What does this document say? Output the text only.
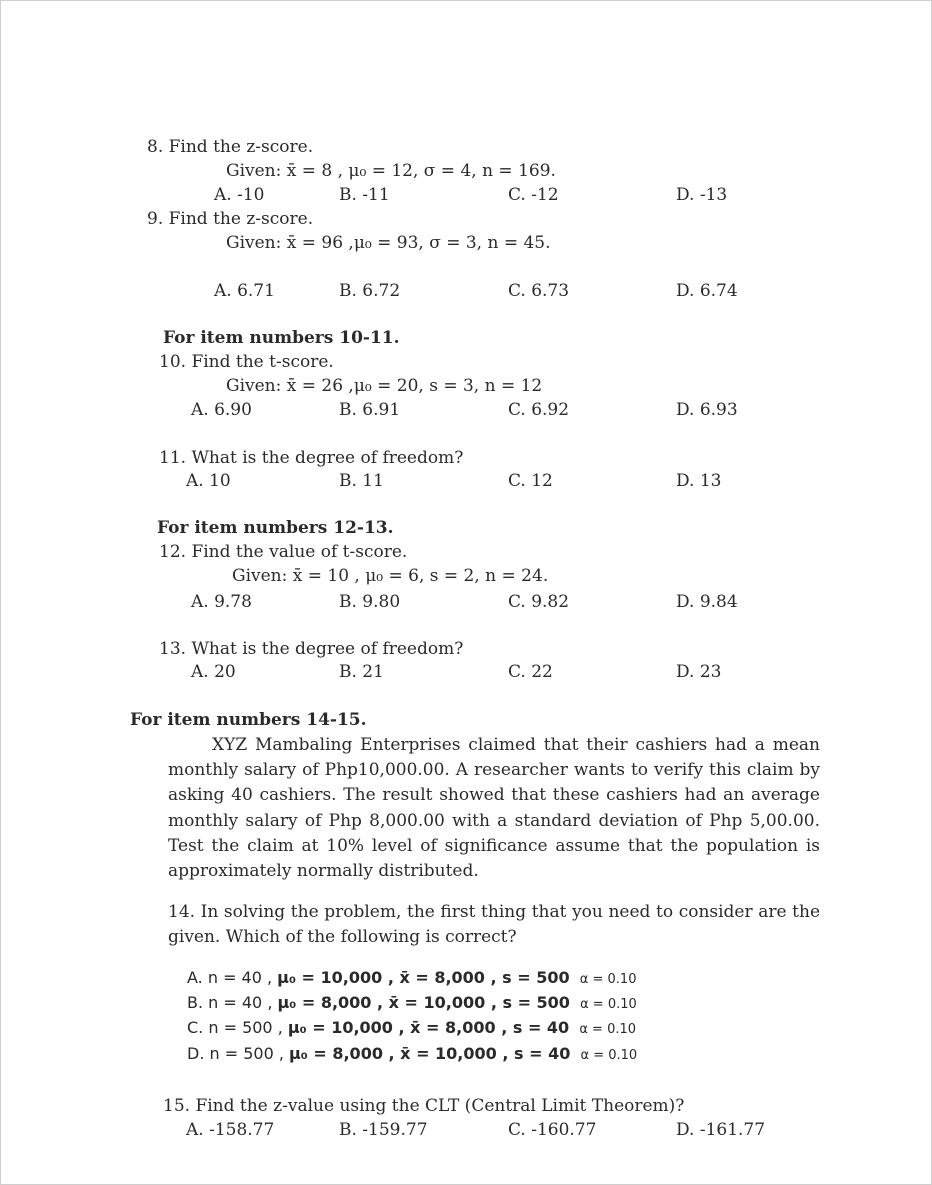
8. Find the z-score.
Given: x̄ = 8 , μ₀ = 12, σ = 4, n = 169.
A. -10	B. -11	C. -12	D. -13
9. Find the z-score.
Given: x̄ = 96 ,μ₀ = 93, σ = 3, n = 45.
A. 6.71	B. 6.72	C. 6.73	D. 6.74
For item numbers 10-11.
10. Find the t-score.
Given: x̄ = 26 ,μ₀ = 20, s = 3, n = 12
A. 6.90	B. 6.91	C. 6.92	D. 6.93
11. What is the degree of freedom?
A. 10	B. 11	C. 12	D. 13
For item numbers 12-13.
12. Find the value of t-score.
Given: x̄ = 10 , μ₀ = 6, s = 2, n = 24.
A. 9.78	B. 9.80	C. 9.82	D. 9.84
13. What is the degree of freedom?
A. 20	B. 21	C. 22	D. 23
For item numbers 14-15.
XYZ Mambaling Enterprises claimed that their cashiers had a mean monthly salary of Php10,000.00. A researcher wants to verify this claim by asking 40 cashiers. The result showed that these cashiers had an average monthly salary of Php 8,000.00 with a standard deviation of Php 5,00.00. Test the claim at 10% level of significance assume that the population is approximately normally distributed.
14. In solving the problem, the first thing that you need to consider are the given. Which of the following is correct?
A. n = 40 , μ₀ = 10,000 , x̄ = 8,000 , s = 500 α = 0.10
B. n = 40 , μ₀ = 8,000 , x̄ = 10,000 , s = 500 α = 0.10
C. n = 500 , μ₀ = 10,000 , x̄ = 8,000 , s = 40 α = 0.10
D. n = 500 , μ₀ = 8,000 , x̄ = 10,000 , s = 40 α = 0.10
15. Find the z-value using the CLT (Central Limit Theorem)?
A. -158.77	B. -159.77	C. -160.77	D. -161.77
